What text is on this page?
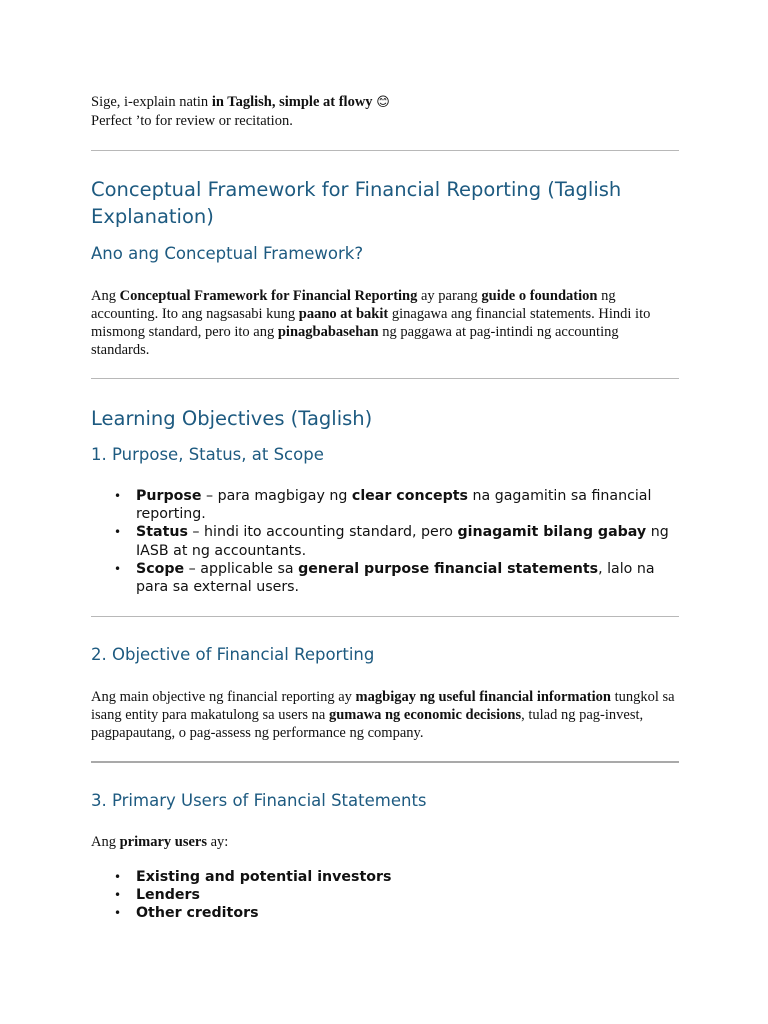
Sige, i-explain natin in Taglish, simple at flowy 😊

Perfect ’to for review or recitation.

Conceptual Framework for Financial Reporting (Taglish Explanation)
Ano ang Conceptual Framework?

Ang Conceptual Framework for Financial Reporting ay parang guide o foundation ng accounting. Ito ang nagsasabi kung paano at bakit ginagawa ang financial statements. Hindi ito mismong standard, pero ito ang pinagbabasehan ng paggawa at pag-intindi ng accounting standards.

Learning Objectives (Taglish)
1. Purpose, Status, at Scope
• Purpose – para magbigay ng clear concepts na gagamitin sa financial reporting.
• Status – hindi ito accounting standard, pero ginagamit bilang gabay ng IASB at ng accountants.
• Scope – applicable sa general purpose financial statements, lalo na para sa external users.
2. Objective of Financial Reporting

Ang main objective ng financial reporting ay magbigay ng useful financial information tungkol sa isang entity para makatulong sa users na gumawa ng economic decisions, tulad ng pag-invest, pagpapautang, o pag-assess ng performance ng company.

3. Primary Users of Financial Statements

Ang primary users ay:

• Existing and potential investors
• Lenders
• Other creditors
